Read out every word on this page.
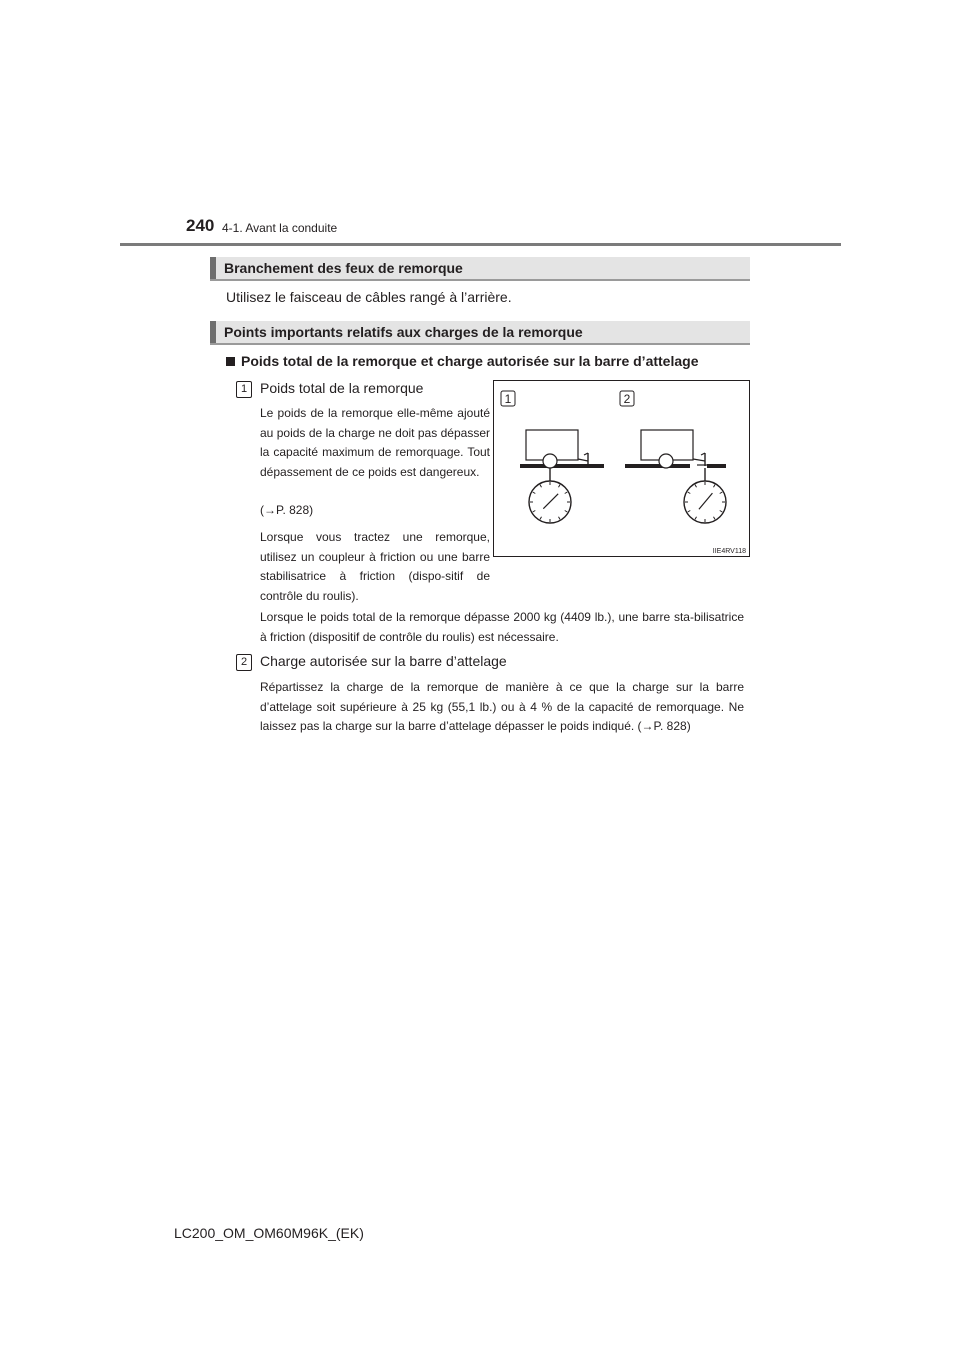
240 4-1. Avant la conduite
Branchement des feux de remorque
Utilisez le faisceau de câbles rangé à l’arrière.
Points importants relatifs aux charges de la remorque
Poids total de la remorque et charge autorisée sur la barre d’attelage
1 Poids total de la remorque
Le poids de la remorque elle-même ajouté au poids de la charge ne doit pas dépasser la capacité maximum de remorquage. Tout dépassement de ce poids est dangereux.
(→P. 828)
Lorsque vous tractez une remorque, utilisez un coupleur à friction ou une barre stabilisatrice à friction (dispo-sitif de contrôle du roulis).
Lorsque le poids total de la remorque dépasse 2000 kg (4409 lb.), une barre sta-bilisatrice à friction (dispositif de contrôle du roulis) est nécessaire.
1	2
IIE4RV118
2 Charge autorisée sur la barre d’attelage
Répartissez la charge de la remorque de manière à ce que la charge sur la barre d’attelage soit supérieure à 25 kg (55,1 lb.) ou à 4 % de la capacité de remorquage. Ne laissez pas la charge sur la barre d’attelage dépasser le poids indiqué. (→P. 828)
LC200_OM_OM60M96K_(EK)
